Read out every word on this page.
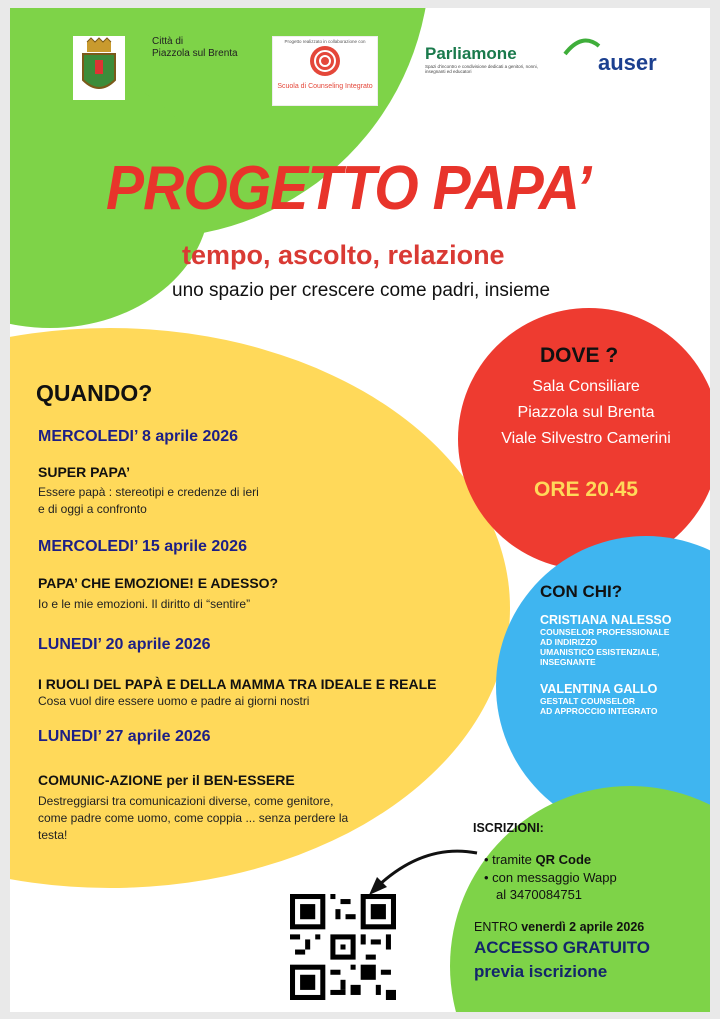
Città di
Piazzola sul Brenta
Progetto realizzato in collaborazione con
Scuola di Counseling Integrato
Parliamone
Spazi d'incontro e condivisione dedicati a genitori, nonni, insegnanti ed educatori	auser
PROGETTO PAPA’
tempo, ascolto, relazione
uno spazio per crescere come padri, insieme
DOVE ?
Sala Consiliare
Piazzola sul Brenta
Viale Silvestro Camerini
ORE 20.45
QUANDO?
MERCOLEDI’ 8 aprile 2026
SUPER PAPA’
Essere papà : stereotipi e credenze di ieri
e di oggi a confronto
MERCOLEDI’ 15 aprile 2026
PAPA’ CHE EMOZIONE! E ADESSO?
Io e le mie emozioni. Il diritto di “sentire”
LUNEDI’ 20 aprile 2026
I RUOLI DEL PAPÀ E DELLA MAMMA TRA IDEALE E REALE
Cosa vuol dire essere uomo e padre ai giorni nostri
LUNEDI’ 27 aprile 2026
COMUNIC-AZIONE per il BEN-ESSERE
Destreggiarsi tra comunicazioni diverse, come genitore,
come padre come uomo, come coppia ... senza perdere la
testa!
CON CHI?
CRISTIANA NALESSO
COUNSELOR PROFESSIONALE
AD INDIRIZZO
UMANISTICO ESISTENZIALE,
INSEGNANTE
VALENTINA GALLO
GESTALT COUNSELOR
AD APPROCCIO INTEGRATO
ISCRIZIONI:
• tramite QR Code
• con messaggio Wapp
al 3470084751
ENTRO venerdì 2 aprile 2026
ACCESSO GRATUITO
previa iscrizione
